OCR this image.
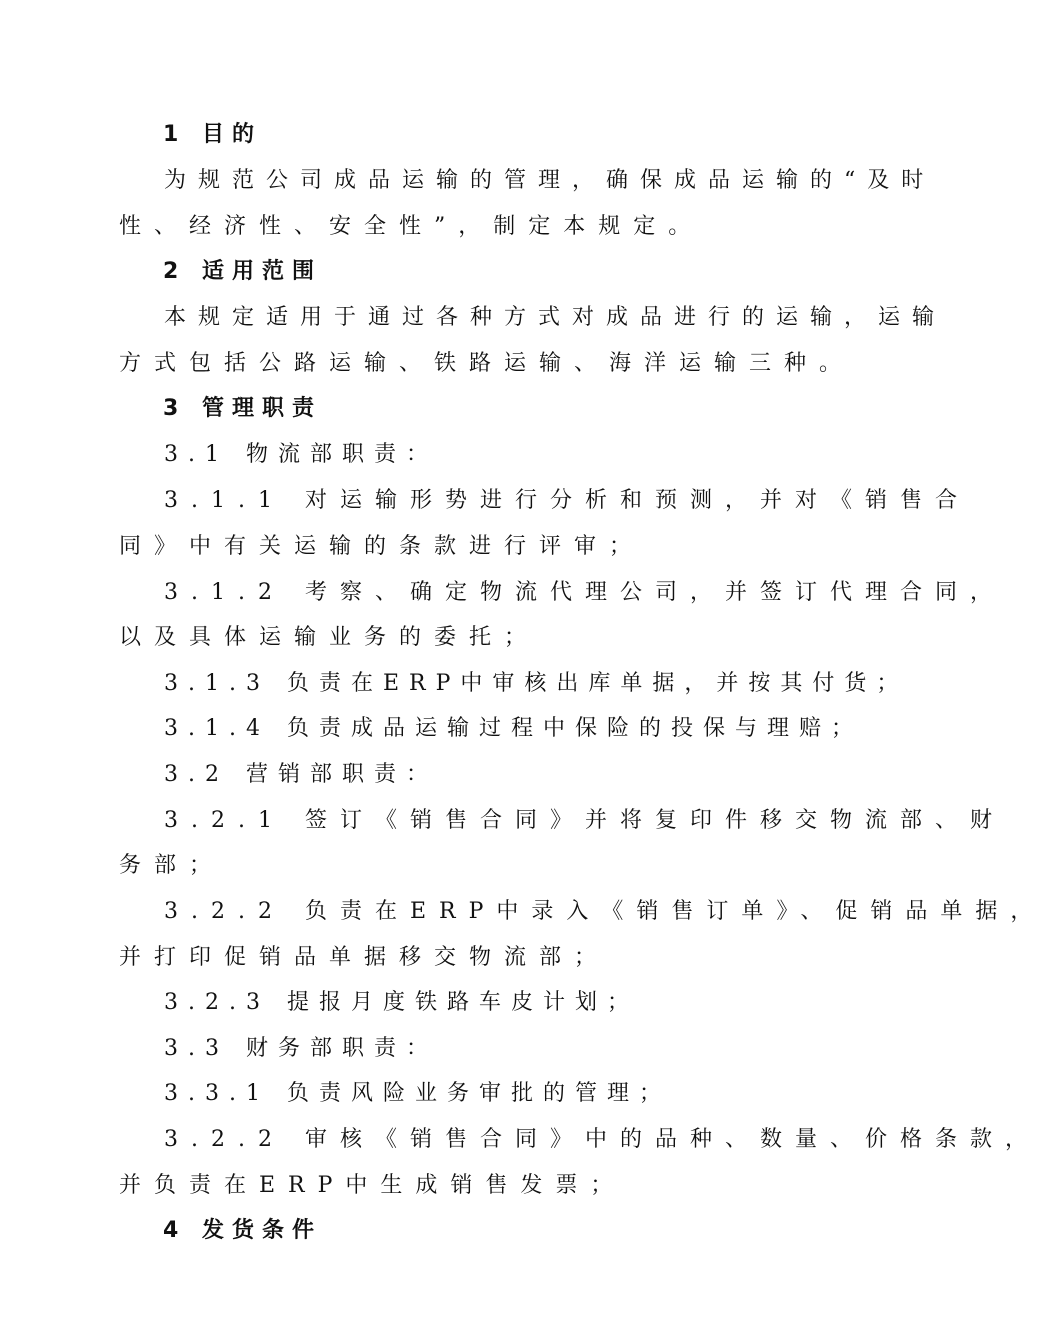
1 目的
为规范公司成品运输的管理，确保成品运输的“及时
性、经济性、安全性”，制定本规定。
2 适用范围
本规定适用于通过各种方式对成品进行的运输，运输
方式包括公路运输、铁路运输、海洋运输三种。
3 管理职责
3.1 物流部职责：
3.1.1 对运输形势进行分析和预测，并对《销售合
同》中有关运输的条款进行评审；
3.1.2 考察、确定物流代理公司，并签订代理合同，
以及具体运输业务的委托；
3.1.3 负责在ERP中审核出库单据，并按其付货；
3.1.4 负责成品运输过程中保险的投保与理赔；
3.2 营销部职责：
3.2.1 签订《销售合同》并将复印件移交物流部、财
务部；
3.2.2 负责在ERP中录入《销售订单》、促销品单据，
并打印促销品单据移交物流部；
3.2.3 提报月度铁路车皮计划；
3.3 财务部职责：
3.3.1 负责风险业务审批的管理；
3.2.2 审核《销售合同》中的品种、数量、价格条款，
并负责在ERP中生成销售发票；
4 发货条件
